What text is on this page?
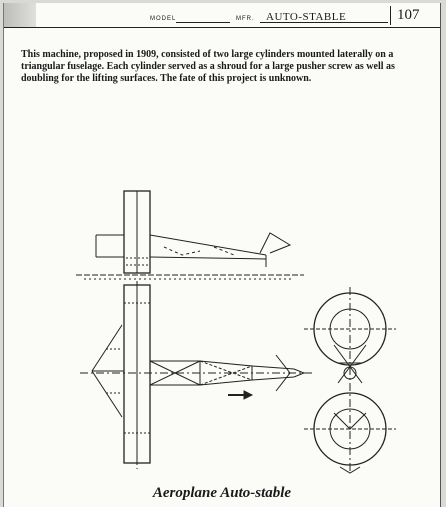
MODEL	MFR. AUTO-STABLE	107
This machine, proposed in 1909, consisted of two large cylinders mounted laterally on a triangular fuselage. Each cylinder served as a shroud for a large pusher screw as well as doubling for the lifting surfaces. The fate of this project is unknown.
Aeroplane Auto-stable
